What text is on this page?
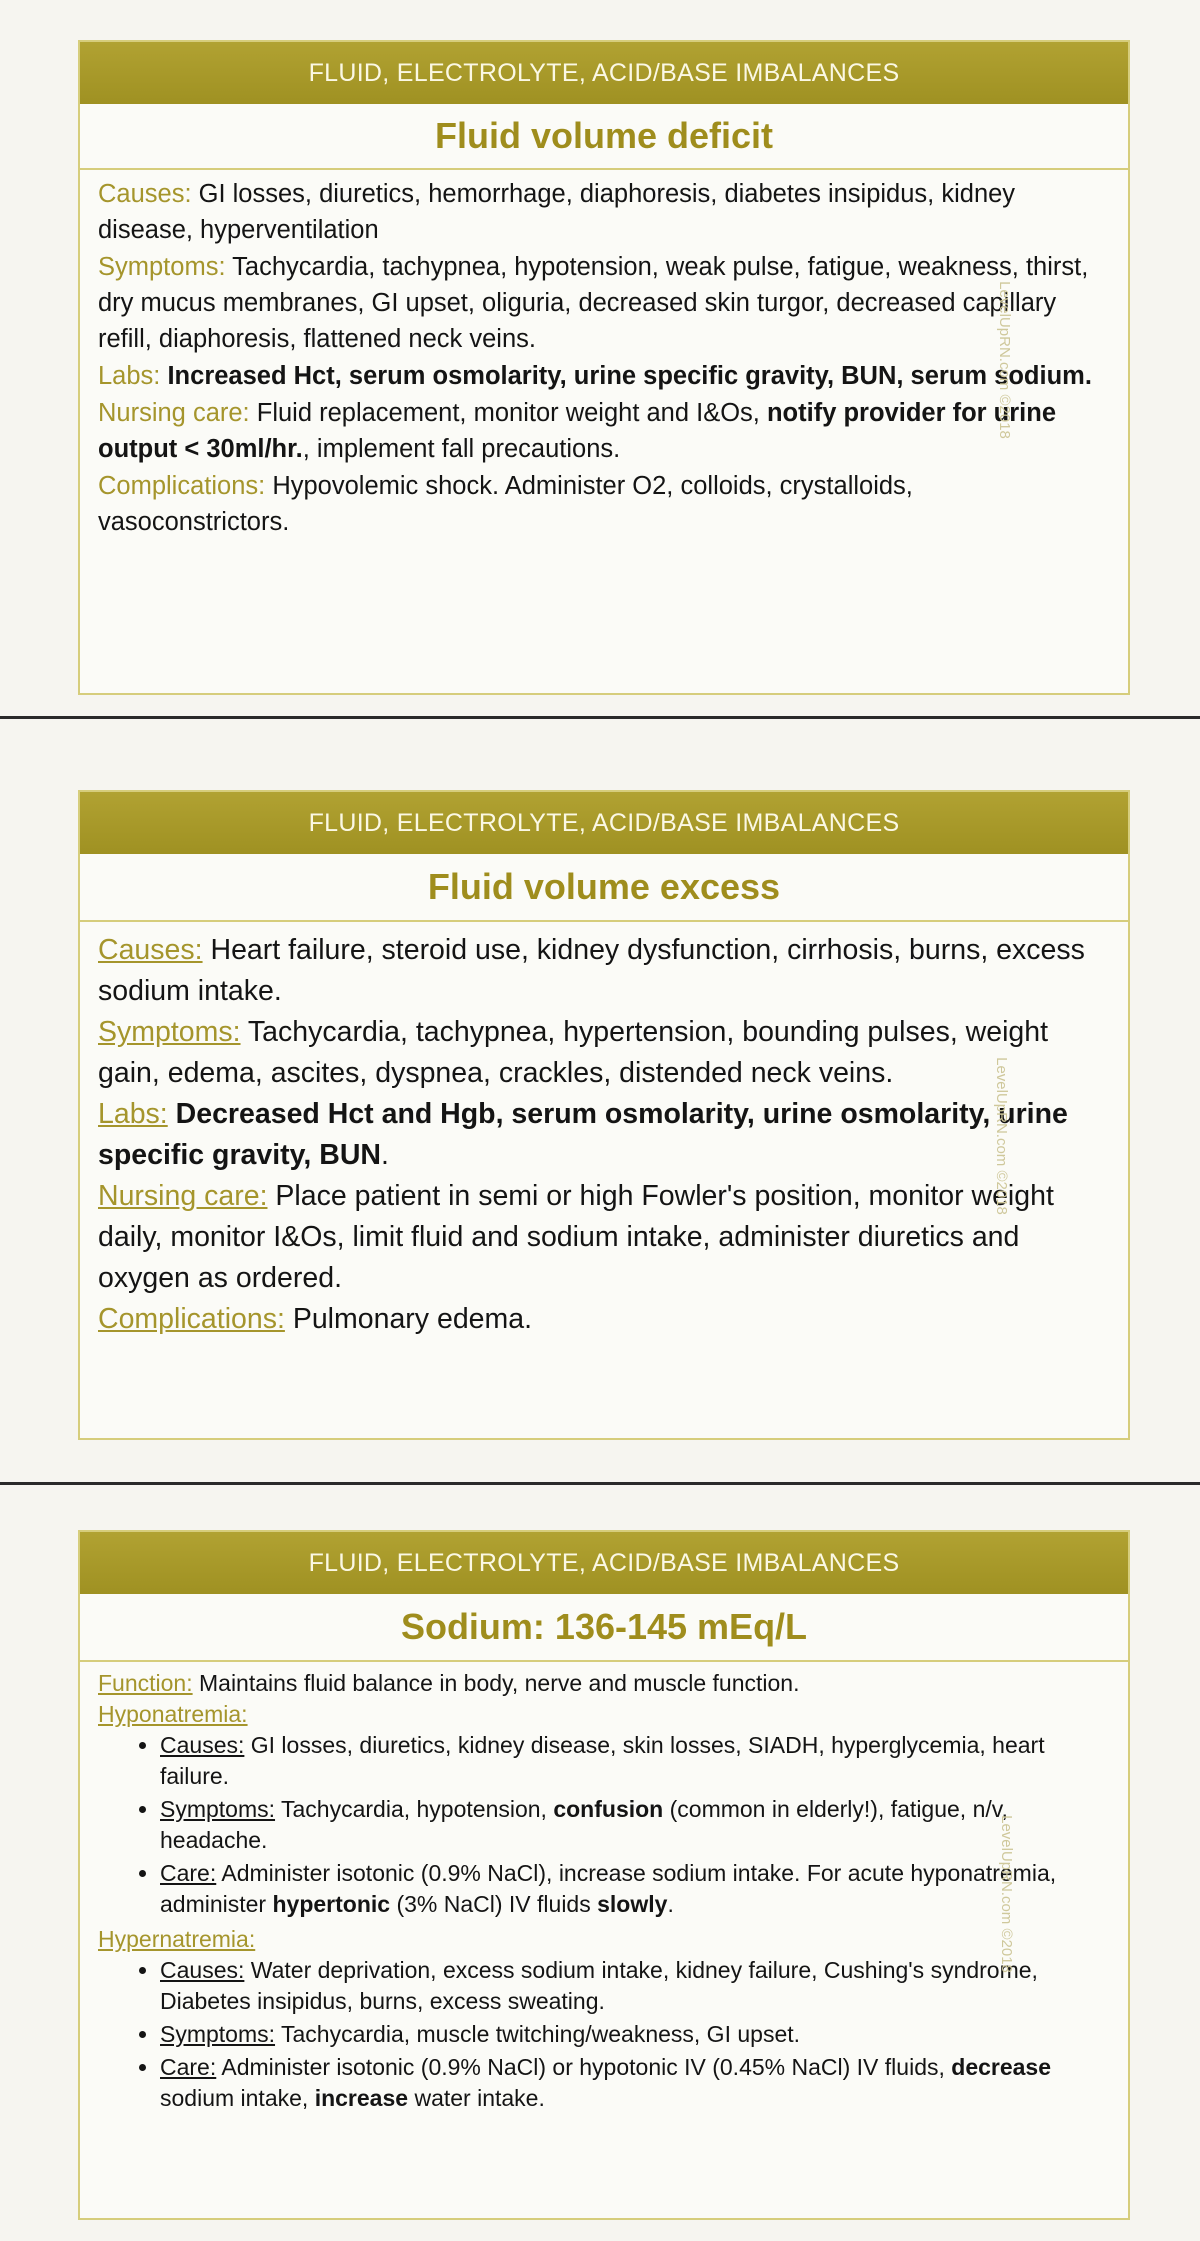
FLUID, ELECTROLYTE, ACID/BASE IMBALANCES
Fluid volume deficit

Causes: GI losses, diuretics, hemorrhage, diaphoresis, diabetes insipidus, kidney disease, hyperventilation

Symptoms: Tachycardia, tachypnea, hypotension, weak pulse, fatigue, weakness, thirst, dry mucus membranes, GI upset, oliguria, decreased skin turgor, decreased capillary refill, diaphoresis, flattened neck veins.

Labs: Increased Hct, serum osmolarity, urine specific gravity, BUN, serum sodium.

Nursing care: Fluid replacement, monitor weight and I&Os, notify provider for urine output < 30ml/hr., implement fall precautions.

Complications: Hypovolemic shock. Administer O2, colloids, crystalloids, vasoconstrictors.

LevelUpRN.com ©2018
FLUID, ELECTROLYTE, ACID/BASE IMBALANCES
Fluid volume excess

Causes: Heart failure, steroid use, kidney dysfunction, cirrhosis, burns, excess sodium intake.

Symptoms: Tachycardia, tachypnea, hypertension, bounding pulses, weight gain, edema, ascites, dyspnea, crackles, distended neck veins.

Labs: Decreased Hct and Hgb, serum osmolarity, urine osmolarity, urine specific gravity, BUN.

Nursing care: Place patient in semi or high Fowler's position, monitor weight daily, monitor I&Os, limit fluid and sodium intake, administer diuretics and oxygen as ordered.

Complications: Pulmonary edema.

LevelUpRN.com ©2018
FLUID, ELECTROLYTE, ACID/BASE IMBALANCES
Sodium: 136-145 mEq/L

Function: Maintains fluid balance in body, nerve and muscle function.

Hyponatremia:

• Causes: GI losses, diuretics, kidney disease, skin losses, SIADH, hyperglycemia, heart failure.
• Symptoms: Tachycardia, hypotension, confusion (common in elderly!), fatigue, n/v, headache.
• Care: Administer isotonic (0.9% NaCl), increase sodium intake. For acute hyponatremia, administer hypertonic (3% NaCl) IV fluids slowly.

Hypernatremia:

• Causes: Water deprivation, excess sodium intake, kidney failure, Cushing's syndrome, Diabetes insipidus, burns, excess sweating.
• Symptoms: Tachycardia, muscle twitching/weakness, GI upset.
• Care: Administer isotonic (0.9% NaCl) or hypotonic IV (0.45% NaCl) IV fluids, decrease sodium intake, increase water intake.
LevelUpRN.com ©2018
